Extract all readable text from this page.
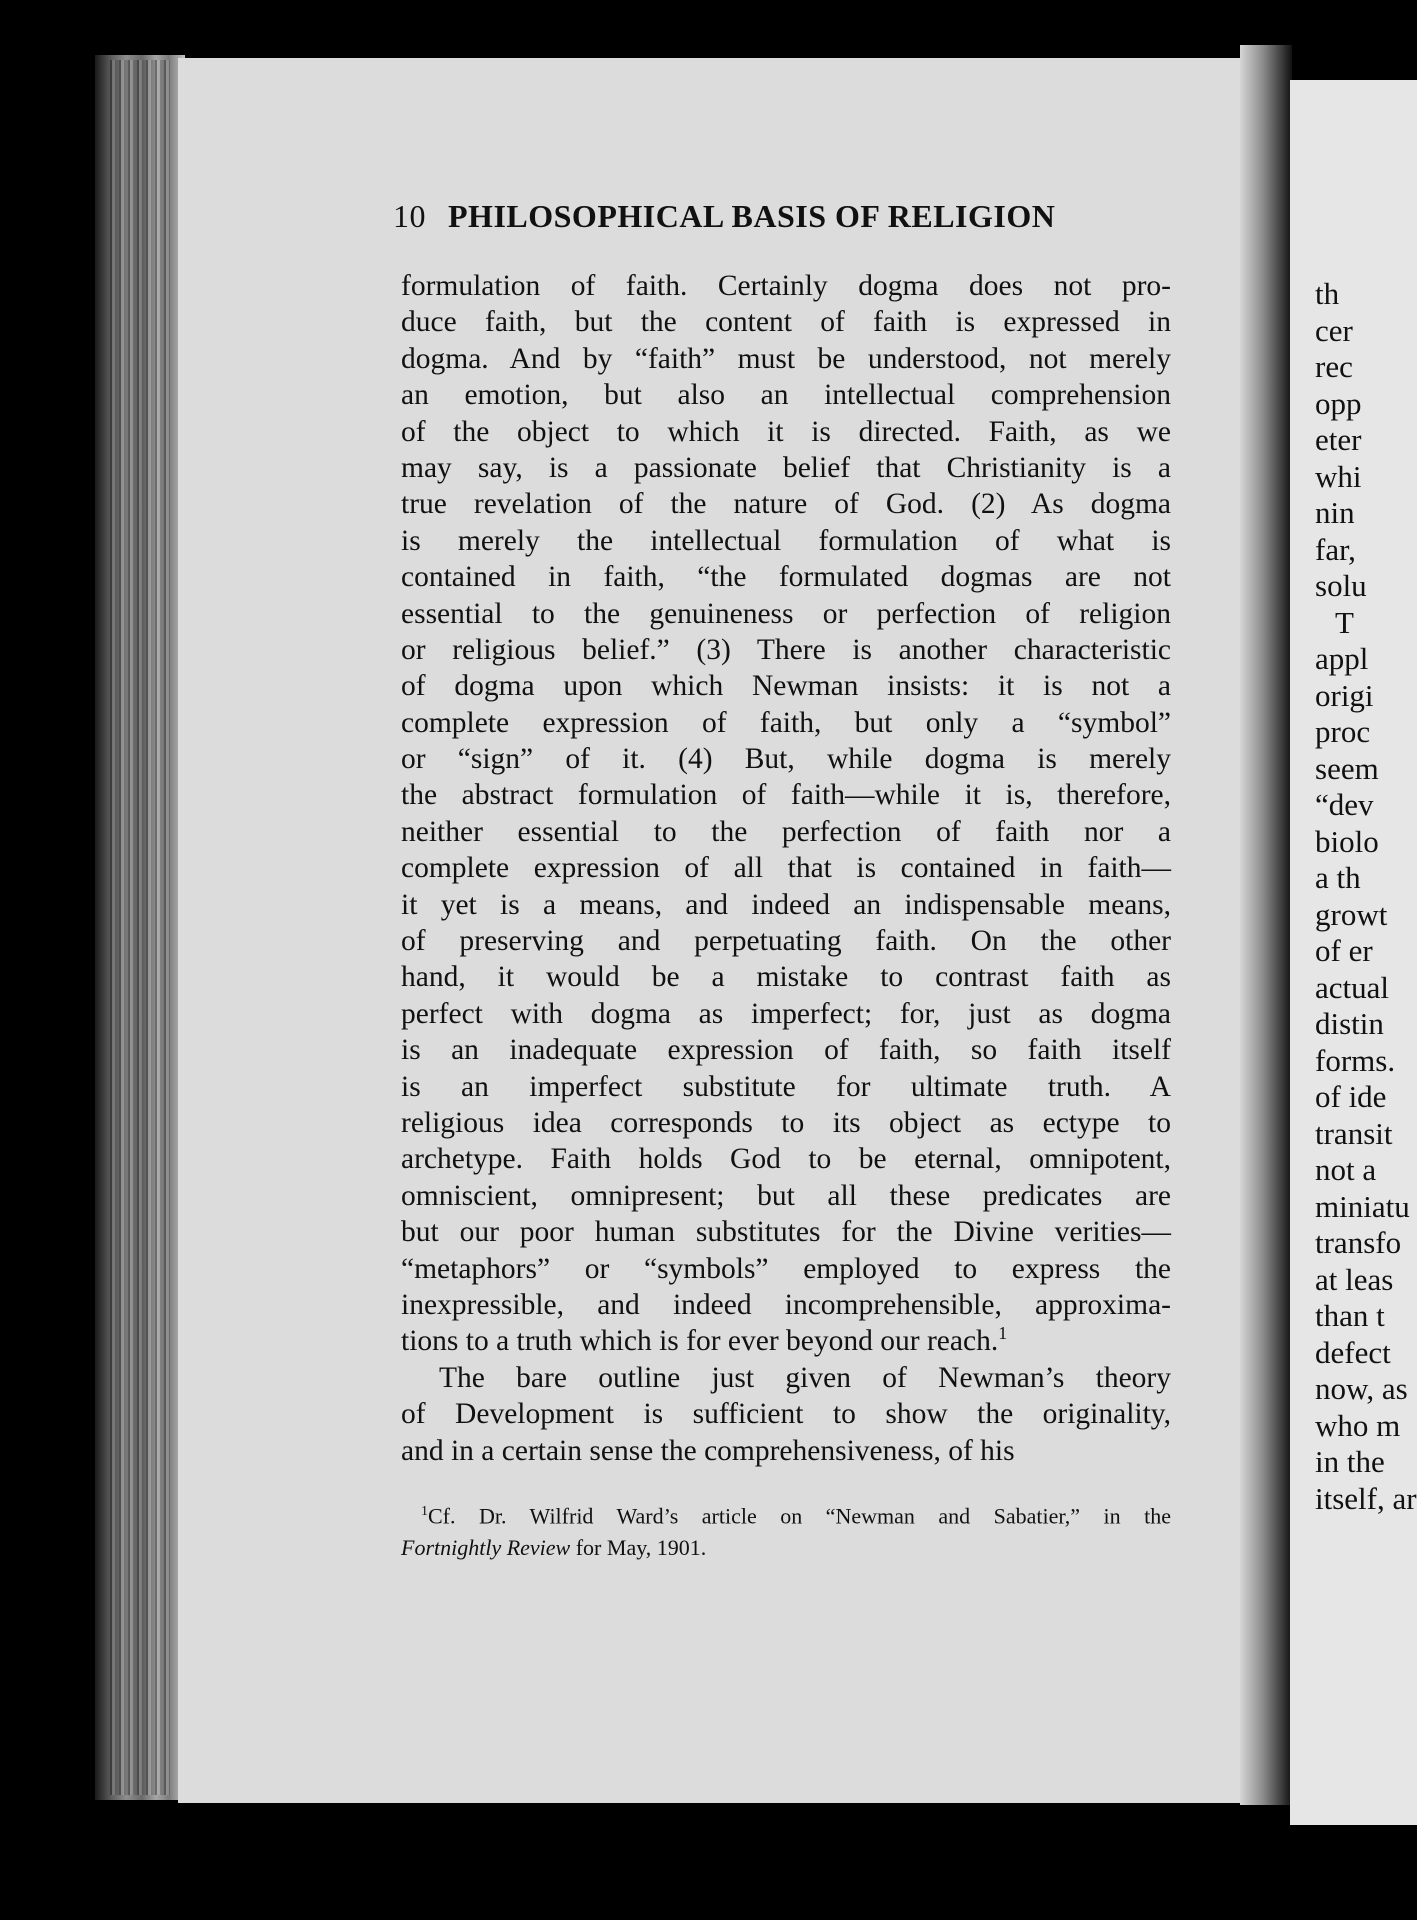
th
cer
rec
opp
eter
whi
nin
far,
solu
T
appl
origi
proc
seem
“dev
biolo
a th
growt
of er
actual
distin
forms.
of ide
transit
not a
miniatu
transfo
at leas
than t
defect
now, as
who m
in the
itself, ar
10 PHILOSOPHICAL BASIS OF RELIGION
formulation of faith. Certainly dogma does not pro-
duce faith, but the content of faith is expressed in
dogma. And by “faith” must be understood, not merely
an emotion, but also an intellectual comprehension
of the object to which it is directed. Faith, as we
may say, is a passionate belief that Christianity is a
true revelation of the nature of God. (2) As dogma
is merely the intellectual formulation of what is
contained in faith, “the formulated dogmas are not
essential to the genuineness or perfection of religion
or religious belief.” (3) There is another characteristic
of dogma upon which Newman insists: it is not a
complete expression of faith, but only a “symbol”
or “sign” of it. (4) But, while dogma is merely
the abstract formulation of faith—while it is, therefore,
neither essential to the perfection of faith nor a
complete expression of all that is contained in faith—
it yet is a means, and indeed an indispensable means,
of preserving and perpetuating faith. On the other
hand, it would be a mistake to contrast faith as
perfect with dogma as imperfect; for, just as dogma
is an inadequate expression of faith, so faith itself
is an imperfect substitute for ultimate truth. A
religious idea corresponds to its object as ectype to
archetype. Faith holds God to be eternal, omnipotent,
omniscient, omnipresent; but all these predicates are
but our poor human substitutes for the Divine verities—
“metaphors” or “symbols” employed to express the
inexpressible, and indeed incomprehensible, approxima-
tions to a truth which is for ever beyond our reach.$^1$
The bare outline just given of Newman’s theory
of Development is sufficient to show the originality,
and in a certain sense the comprehensiveness, of his
$^1$Cf. Dr. Wilfrid Ward’s article on “Newman and Sabatier,” in the
Fortnightly Review for May, 1901.
